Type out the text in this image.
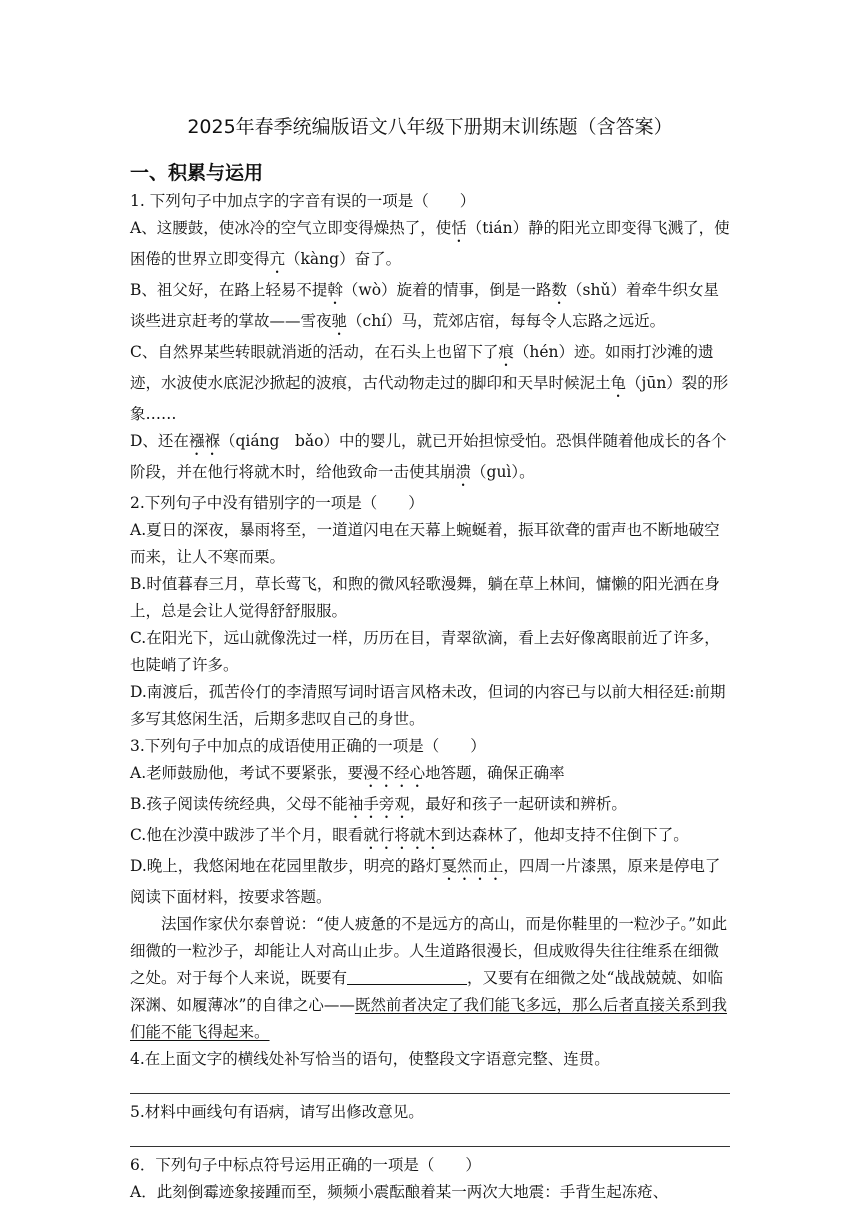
2025年春季统编版语文八年级下册期末训练题（含答案）
一、积累与运用

1. 下列句子中加点字的字音有误的一项是（　　）

A、这腰鼓，使冰冷的空气立即变得燥热了，使恬（tián）静的阳光立即变得飞溅了，使困倦的世界立即变得亢（kàng）奋了。

B、祖父好，在路上轻易不提斡（wò）旋着的情事，倒是一路数（shǔ）着牵牛织女星谈些进京赶考的掌故——雪夜驰（chí）马，荒郊店宿，每每令人忘路之远近。

C、自然界某些转眼就消逝的活动，在石头上也留下了痕（hén）迹。如雨打沙滩的遗迹，水波使水底泥沙掀起的波痕，古代动物走过的脚印和天旱时候泥土龟（jūn）裂的形象……

D、还在襁褓（qiáng　bǎo）中的婴儿，就已开始担惊受怕。恐惧伴随着他成长的各个阶段，并在他行将就木时，给他致命一击使其崩溃（guì）。

2.下列句子中没有错别字的一项是（　　）

A.夏日的深夜，暴雨将至，一道道闪电在天幕上蜿蜒着，振耳欲聋的雷声也不断地破空而来，让人不寒而栗。

B.时值暮春三月，草长莺飞，和煦的微风轻歌漫舞，躺在草上林间，慵懒的阳光洒在身上，总是会让人觉得舒舒服服。

C.在阳光下，远山就像洗过一样，历历在目，青翠欲滴，看上去好像离眼前近了许多，也陡峭了许多。

D.南渡后，孤苦伶仃的李清照写词时语言风格未改，但词的内容已与以前大相径廷:前期多写其悠闲生活，后期多悲叹自己的身世。

3.下列句子中加点的成语使用正确的一项是（　　）

A.老师鼓励他，考试不要紧张，要漫不经心地答题，确保正确率

B.孩子阅读传统经典，父母不能袖手旁观，最好和孩子一起研读和辨析。

C.他在沙漠中跋涉了半个月，眼看就行将就木到达森林了，他却支持不住倒下了。

D.晚上，我悠闲地在花园里散步，明亮的路灯戛然而止，四周一片漆黑，原来是停电了

阅读下面材料，按要求答题。

法国作家伏尔泰曾说：“使人疲惫的不是远方的高山，而是你鞋里的一粒沙子。”如此细微的一粒沙子，却能让人对高山止步。人生道路很漫长，但成败得失往往维系在细微之处。对于每个人来说，既要有	，又要有在细微之处“战战兢兢、如临深渊、如履薄冰”的自律之心——既然前者决定了我们能飞多远，那么后者直接关系到我们能不能飞得起来。

4.在上面文字的横线处补写恰当的语句，使整段文字语意完整、连贯。

5.材料中画线句有语病，请写出修改意见。

6．下列句子中标点符号运用正确的一项是（　　）

A．此刻倒霉迹象接踵而至，频频小震酝酿着某一两次大地震：手背生起冻疮、
